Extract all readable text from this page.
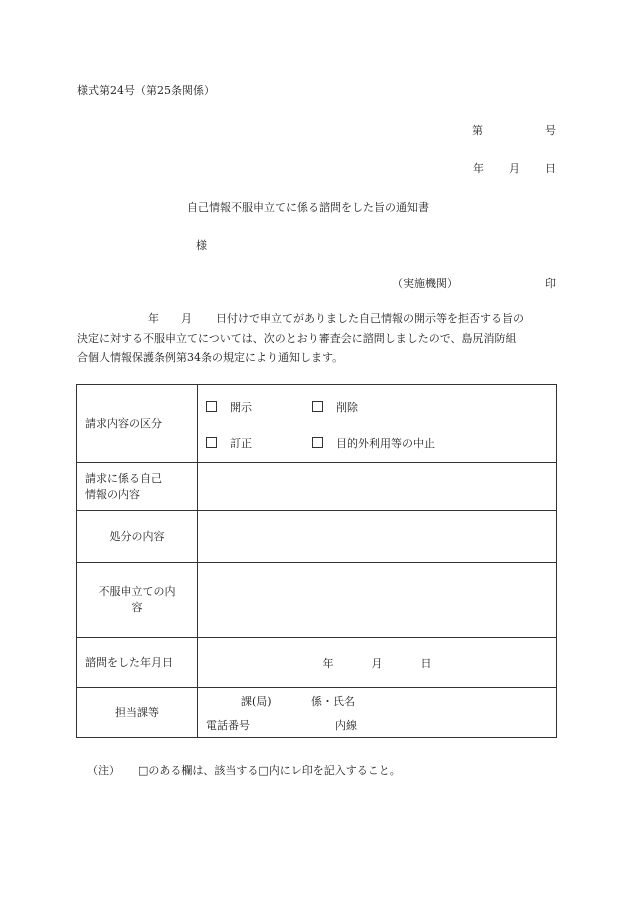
様式第24号（第25条関係）
第	号
年 月 日
自己情報不服申立てに係る諮問をした旨の通知書
様
（実施機関）	印
年 月 日付けで申立てがありました自己情報の開示等を拒否する旨の
決定に対する不服申立てについては、次のとおり審査会に諮問しましたので、島尻消防組
合個人情報保護条例第34条の規定により通知します。
請求内容の区分	開示 削除
訂正 目的外利用等の中止

請求に係る自己
情報の内容	

処分の内容	

不服申立ての内
容	

諮問をした年月日	年 月 日

担当課等	課(局) 係・氏名
電話番号 内線
（注） □のある欄は、該当する□内にレ印を記入すること。
